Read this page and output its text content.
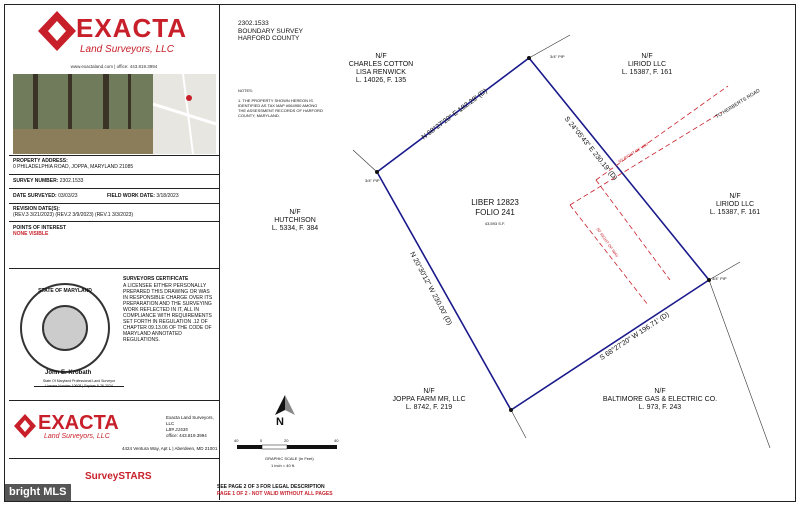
EXACTA
Land Surveyors, LLC
www.exactaland.com | office: 443.819.3994
PROPERTY ADDRESS:
0 PHILADELPHIA ROAD, JOPPA, MARYLAND 21085
SURVEY NUMBER: 2302.1533
DATE SURVEYED: 03/03/23	FIELD WORK DATE: 3/18/2023
REVISION DATE(S):
(REV.3 3/21/2023) (REV.2 3/9/2023) (REV.1 3/3/2023)
POINTS OF INTEREST
NONE VISIBLE
STATE OF MARYLAND
SURVEYORS CERTIFICATE
A LICENSEE EITHER PERSONALLY PREPARED THIS DRAWING OR WAS IN RESPONSIBLE CHARGE OVER ITS PREPARATION AND THE SURVEYING WORK REFLECTED IN IT, ALL IN COMPLIANCE WITH REQUIREMENTS SET FORTH IN REGULATION .12 OF CHAPTER 09.13.06 OF THE CODE OF MARYLAND ANNOTATED REGULATIONS.
John E. Krobath
State Of Maryland Professional Land Surveyor
License Number 10608 | Expires 5-26-2024
EXACTA
Land Surveyors, LLC
Exacta Land Surveyors, LLC
LB# 21535
office: 443.819.3994
4424 Ventura Way, Apt L | Aberdeen, MD 21001
SurveySTARS
bright MLS
2302.1533
BOUNDARY SURVEY
HARFORD COUNTY
NOTES:

1. THE PROPERTY SHOWN HEREON IS IDENTIFIED AS TAX MAP #064950 AMONG THE ASSESSMENT RECORDS OF HARFORD COUNTY, MARYLAND.
N
40	0	20	40
GRAPHIC SCALE (In Feet)
1 inch = 40 ft.
LIBER 12823
FOLIO 241
43,593 S.F.
N/F
CHARLES COTTON
LISA RENWICK
L. 14026, F. 135
N/F
LIRIOD LLC
L. 15387, F. 161
N/F
LIRIOD LLC
L. 15387, F. 161
N/F
HUTCHISON
L. 5334, F. 384
N/F
JOPPA FARM MR, LLC
L. 8742, F. 219
N/F
BALTIMORE GAS & ELECTRIC CO.
L. 973, F. 243
N 68°27'20" E 182.28' (D)
S 24°05'43" E 230.19' (D)
S 68°27'20" W 196.71' (D)
N 20°30'12" W 230.00' (D)
TO HERBERTS ROAD
50' RIGHT OF WAY
50' RIGHT OF WAY
3/4" PIP
3/4" PIP
3/4" PIP
SEE PAGE 2 OF 3 FOR LEGAL DESCRIPTION
PAGE 1 OF 2 - NOT VALID WITHOUT ALL PAGES
